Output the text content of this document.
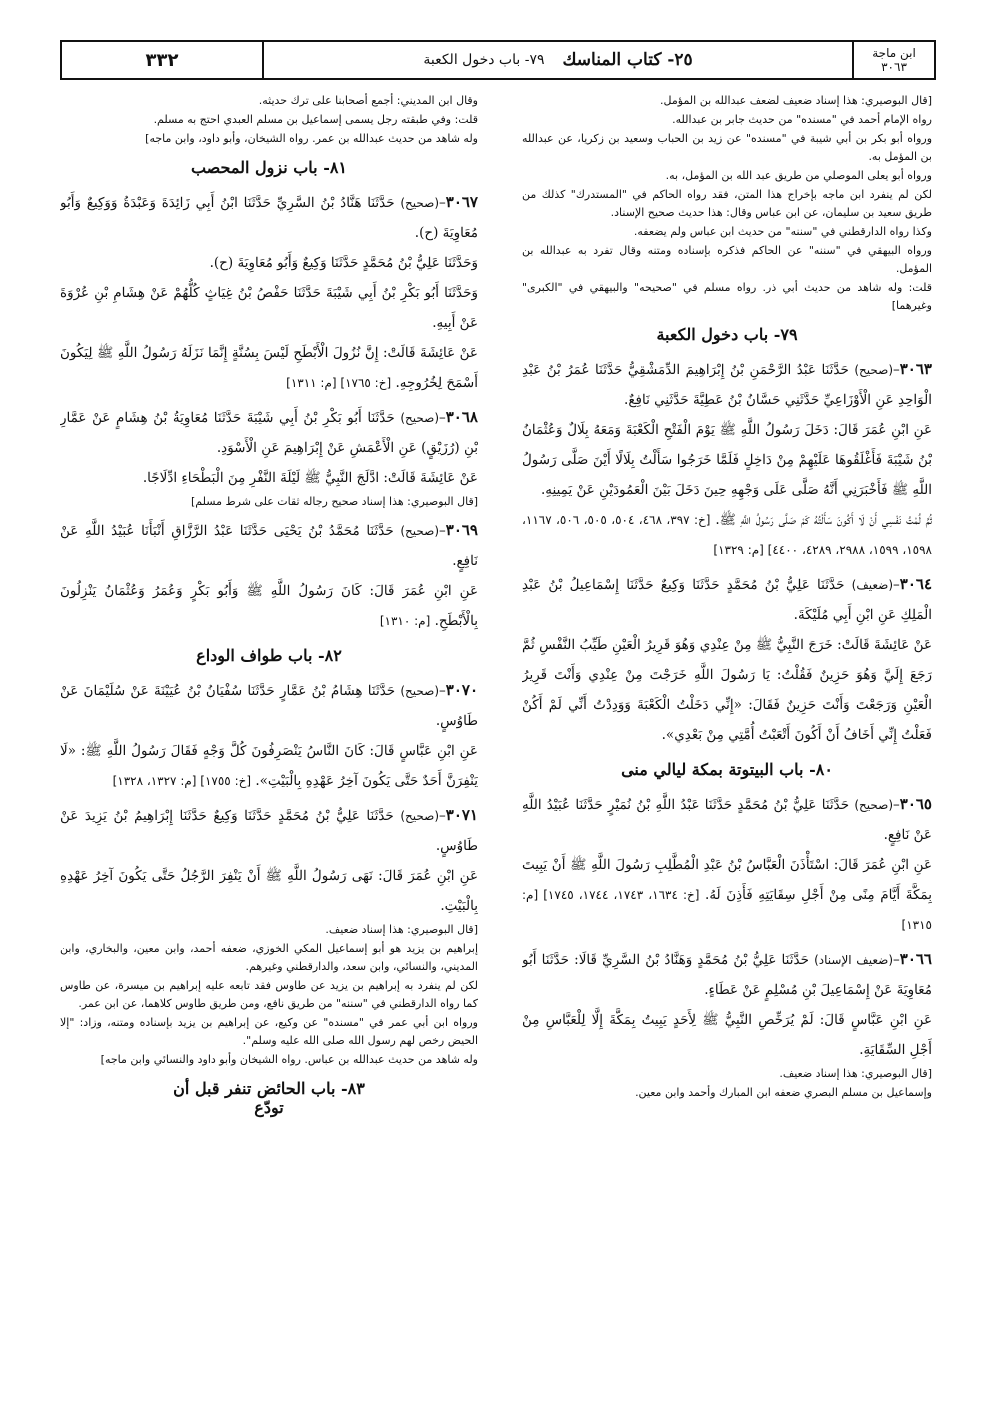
ابن ماجة
٣٠٦٣
٢٥- كتاب المناسك
٧٩- باب دخول الكعبة
٣٣٢

[قال البوصيري: هذا إسناد ضعيف لضعف عبدالله بن المؤمل.

رواه الإمام أحمد في "مسنده" من حديث جابر بن عبدالله.

ورواه أبو بكر بن أبي شيبة في "مسنده" عن زيد بن الحباب وسعيد بن زكريا، عن عبدالله بن المؤمل به.

ورواه أبو يعلى الموصلي من طريق عبد الله بن المؤمل، به.

لكن لم ينفرد ابن ماجه بإخراج هذا المتن، فقد رواه الحاكم في "المستدرك" كذلك من طريق سعيد بن سليمان، عن ابن عباس وقال: هذا حديث صحيح الإسناد.

وكذا رواه الدارقطني في "سننه" من حديث ابن عباس ولم يضعفه.

ورواه البيهقي في "سننه" عن الحاكم فذكره بإسناده ومتنه وقال تفرد به عبدالله بن المؤمل.

قلت: وله شاهد من حديث أبي ذر. رواه مسلم في "صحيحه" والبيهقي في "الكبرى" وغيرهما]

٧٩- باب دخول الكعبة

٣٠٦٣–(صحيح) حَدَّثَنَا عَبْدُ الرَّحْمَنِ بْنُ إِبْرَاهِيمَ الدِّمَشْقِيُّ حَدَّثَنَا عُمَرُ بْنُ عَبْدِ الْوَاحِدِ عَنِ الْأَوْزَاعِيِّ حَدَّثَنِي حَسَّانُ بْنُ عَطِيَّةَ حَدَّثَنِي نَافِعٌ.

عَنِ ابْنِ عُمَرَ قَالَ: دَخَلَ رَسُولُ اللَّهِ ﷺ يَوْمَ الْفَتْحِ الْكَعْبَةَ وَمَعَهُ بِلَالٌ وَعُثْمَانُ بْنُ شَيْبَةَ فَأَغْلَقُوهَا عَلَيْهِمْ مِنْ دَاخِلٍ فَلَمَّا خَرَجُوا سَأَلْتُ بِلَالًا أَيْنَ صَلَّى رَسُولُ اللَّهِ ﷺ فَأَخْبَرَنِي أَنَّهُ صَلَّى عَلَى وَجْهِهِ حِينَ دَخَلَ بَيْنَ الْعَمُودَيْنِ عَنْ يَمِينِهِ.

ثُمَّ لُمْتُ نَفْسِي أَنْ لَا أَكُونَ سَأَلْتُهُ كَمْ صَلَّى رَسُولُ اللَّهِ ﷺ. [خ: ٣٩٧، ٤٦٨، ٥٠٤، ٥٠٥، ٥٠٦، ١١٦٧، ١٥٩٨، ١٥٩٩، ٢٩٨٨، ٤٢٨٩، ٤٤٠٠] [م: ١٣٢٩]

٣٠٦٤–(ضعيف) حَدَّثَنَا عَلِيُّ بْنُ مُحَمَّدٍ حَدَّثَنَا وَكِيعٌ حَدَّثَنَا إِسْمَاعِيلُ بْنُ عَبْدِ الْمَلِكِ عَنِ ابْنِ أَبِي مُلَيْكَةَ.

عَنْ عَائِشَةَ قَالَتْ: خَرَجَ النَّبِيُّ ﷺ مِنْ عِنْدِي وَهُوَ قَرِيرُ الْعَيْنِ طَيِّبُ النَّفْسِ ثُمَّ رَجَعَ إِلَيَّ وَهُوَ حَزِينٌ فَقُلْتُ: يَا رَسُولَ اللَّهِ خَرَجْتَ مِنْ عِنْدِي وَأَنْتَ قَرِيرُ الْعَيْنِ وَرَجَعْتَ وَأَنْتَ حَزِينٌ فَقَالَ: «إِنِّي دَخَلْتُ الْكَعْبَةَ وَوَدِدْتُ أَنِّي لَمْ أَكُنْ فَعَلْتُ إِنِّي أَخَافُ أَنْ أَكُونَ أَتْعَبْتُ أُمَّتِي مِنْ بَعْدِي».

٨٠- باب البيتوتة بمكة ليالي منى

٣٠٦٥–(صحيح) حَدَّثَنَا عَلِيُّ بْنُ مُحَمَّدٍ حَدَّثَنَا عَبْدُ اللَّهِ بْنُ نُمَيْرٍ حَدَّثَنَا عُبَيْدُ اللَّهِ عَنْ نَافِعٍ.

عَنِ ابْنِ عُمَرَ قَالَ: اسْتَأْذَنَ الْعَبَّاسُ بْنُ عَبْدِ الْمُطَّلِبِ رَسُولَ اللَّهِ ﷺ أَنْ يَبِيتَ بِمَكَّةَ أَيَّامَ مِنًى مِنْ أَجْلِ سِقَايَتِهِ فَأَذِنَ لَهُ. [خ: ١٦٣٤، ١٧٤٣، ١٧٤٤، ١٧٤٥] [م: ١٣١٥]

٣٠٦٦–(ضعيف الإسناد) حَدَّثَنَا عَلِيُّ بْنُ مُحَمَّدٍ وَهَنَّادُ بْنُ السَّرِيِّ قَالَا: حَدَّثَنَا أَبُو مُعَاوِيَةَ عَنْ إِسْمَاعِيلَ بْنِ مُسْلِمٍ عَنْ عَطَاءٍ.

عَنِ ابْنِ عَبَّاسٍ قَالَ: لَمْ يُرَخِّصِ النَّبِيُّ ﷺ لِأَحَدٍ يَبِيتُ بِمَكَّةَ إِلَّا لِلْعَبَّاسِ مِنْ أَجْلِ السِّقَايَةِ.

[قال البوصيري: هذا إسناد ضعيف.

وإسماعيل بن مسلم البصري ضعفه ابن المبارك وأحمد وابن معين.

وقال ابن المديني: أجمع أصحابنا على ترك حديثه.

قلت: وفي طبقته رجل يسمى إسماعيل بن مسلم العبدي احتج به مسلم.

وله شاهد من حديث عبدالله بن عمر. رواه الشيخان، وأبو داود، وابن ماجه]

٨١- باب نزول المحصب

٣٠٦٧–(صحيح) حَدَّثَنَا هَنَّادُ بْنُ السَّرِيِّ حَدَّثَنَا ابْنُ أَبِي زَائِدَةَ وَعَبْدَةُ وَوَكِيعٌ وَأَبُو مُعَاوِيَةَ (ح).

وَحَدَّثَنَا عَلِيُّ بْنُ مُحَمَّدٍ حَدَّثَنَا وَكِيعٌ وَأَبُو مُعَاوِيَةَ (ح).

وَحَدَّثَنَا أَبُو بَكْرِ بْنُ أَبِي شَيْبَةَ حَدَّثَنَا حَفْصُ بْنُ غِيَاثٍ كُلُّهُمْ عَنْ هِشَامِ بْنِ عُرْوَةَ عَنْ أَبِيهِ.

عَنْ عَائِشَةَ قَالَتْ: إِنَّ نُزُولَ الْأَبْطَحِ لَيْسَ بِسُنَّةٍ إِنَّمَا نَزَلَهُ رَسُولُ اللَّهِ ﷺ لِيَكُونَ أَسْمَحَ لِخُرُوجِهِ. [خ: ١٧٦٥] [م: ١٣١١]

٣٠٦٨–(صحيح) حَدَّثَنَا أَبُو بَكْرِ بْنُ أَبِي شَيْبَةَ حَدَّثَنَا مُعَاوِيَةُ بْنُ هِشَامٍ عَنْ عَمَّارِ بْنِ (رُزَيْقٍ) عَنِ الْأَعْمَشِ عَنْ إِبْرَاهِيمَ عَنِ الْأَسْوَدِ.

عَنْ عَائِشَةَ قَالَتْ: ادَّلَجَ النَّبِيُّ ﷺ لَيْلَةَ النَّفْرِ مِنَ الْبَطْحَاءِ ادِّلَاجًا.

[قال البوصيري: هذا إسناد صحيح رجاله ثقات على شرط مسلم]

٣٠٦٩–(صحيح) حَدَّثَنَا مُحَمَّدُ بْنُ يَحْيَى حَدَّثَنَا عَبْدُ الرَّزَّاقِ أَنْبَأَنَا عُبَيْدُ اللَّهِ عَنْ نَافِعٍ.

عَنِ ابْنِ عُمَرَ قَالَ: كَانَ رَسُولُ اللَّهِ ﷺ وَأَبُو بَكْرٍ وَعُمَرُ وَعُثْمَانُ يَنْزِلُونَ بِالْأَبْطَحِ. [م: ١٣١٠]

٨٢- باب طواف الوداع

٣٠٧٠–(صحيح) حَدَّثَنَا هِشَامُ بْنُ عَمَّارٍ حَدَّثَنَا سُفْيَانُ بْنُ عُيَيْنَةَ عَنْ سُلَيْمَانَ عَنْ طَاوُسٍ.

عَنِ ابْنِ عَبَّاسٍ قَالَ: كَانَ النَّاسُ يَنْصَرِفُونَ كُلَّ وَجْهٍ فَقَالَ رَسُولُ اللَّهِ ﷺ: «لَا يَنْفِرَنَّ أَحَدٌ حَتَّى يَكُونَ آخِرُ عَهْدِهِ بِالْبَيْتِ». [خ: ١٧٥٥] [م: ١٣٢٧، ١٣٢٨]

٣٠٧١–(صحيح) حَدَّثَنَا عَلِيُّ بْنُ مُحَمَّدٍ حَدَّثَنَا وَكِيعٌ حَدَّثَنَا إِبْرَاهِيمُ بْنُ يَزِيدَ عَنْ طَاوُسٍ.

عَنِ ابْنِ عُمَرَ قَالَ: نَهَى رَسُولُ اللَّهِ ﷺ أَنْ يَنْفِرَ الرَّجُلُ حَتَّى يَكُونَ آخِرُ عَهْدِهِ بِالْبَيْتِ.

[قال البوصيري: هذا إسناد ضعيف.

إبراهيم بن يزيد هو أبو إسماعيل المكي الخوزي، ضعفه أحمد، وابن معين، والبخاري، وابن المديني، والنسائي، وابن سعد، والدارقطني وغيرهم.

لكن لم ينفرد به إبراهيم بن يزيد عن طاوس فقد تابعه عليه إبراهيم بن ميسرة، عن طاوس كما رواه الدارقطني في "سننه" من طريق نافع، ومن طريق طاوس كلاهما، عن ابن عمر.

ورواه ابن أبي عمر في "مسنده" عن وكيع، عن إبراهيم بن يزيد بإسناده ومتنه، وزاد: "إلا الحيض رخص لهم رسول الله صلى الله عليه وسلم".

وله شاهد من حديث عبدالله بن عباس. رواه الشيخان وأبو داود والنسائي وابن ماجه]

٨٣- باب الحائض تنفر قبل أن
تودّع
